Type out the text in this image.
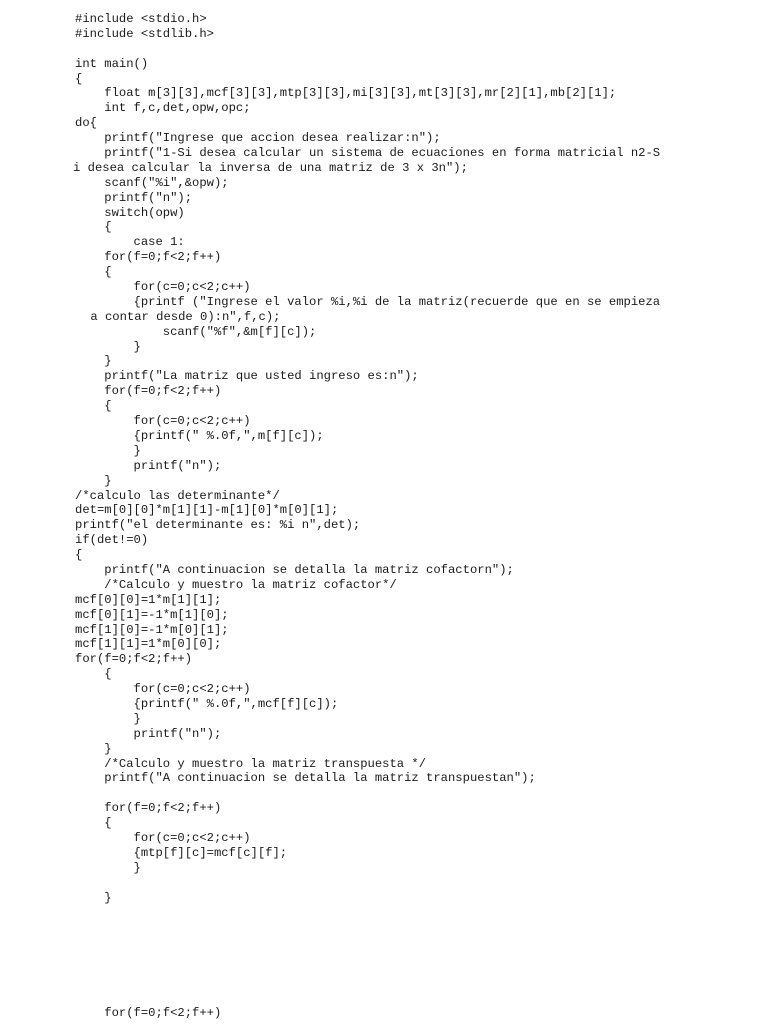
#include <stdio.h>
#include <stdlib.h>
int main()
{
float m[3][3],mcf[3][3],mtp[3][3],mi[3][3],mt[3][3],mr[2][1],mb[2][1];
int f,c,det,opw,opc;
do{
printf("Ingrese que accion desea realizar:n");
printf("1-Si desea calcular un sistema de ecuaciones en forma matricial n2-S
i desea calcular la inversa de una matriz de 3 x 3n");
scanf("%i",&opw);
printf("n");
switch(opw)
{
case 1:
for(f=0;f<2;f++)
{
for(c=0;c<2;c++)
{printf ("Ingrese el valor %i,%i de la matriz(recuerde que en se empieza
a contar desde 0):n",f,c);
scanf("%f",&m[f][c]);
}
}
printf("La matriz que usted ingreso es:n");
for(f=0;f<2;f++)
{
for(c=0;c<2;c++)
{printf(" %.0f,",m[f][c]);
}
printf("n");
}
/*calculo las determinante*/
det=m[0][0]*m[1][1]-m[1][0]*m[0][1];
printf("el determinante es: %i n",det);
if(det!=0)
{
printf("A continuacion se detalla la matriz cofactorn");
/*Calculo y muestro la matriz cofactor*/
mcf[0][0]=1*m[1][1];
mcf[0][1]=-1*m[1][0];
mcf[1][0]=-1*m[0][1];
mcf[1][1]=1*m[0][0];
for(f=0;f<2;f++)
{
for(c=0;c<2;c++)
{printf(" %.0f,",mcf[f][c]);
}
printf("n");
}
/*Calculo y muestro la matriz transpuesta */
printf("A continuacion se detalla la matriz transpuestan");
for(f=0;f<2;f++)
{
for(c=0;c<2;c++)
{mtp[f][c]=mcf[c][f];
}
}
for(f=0;f<2;f++)
